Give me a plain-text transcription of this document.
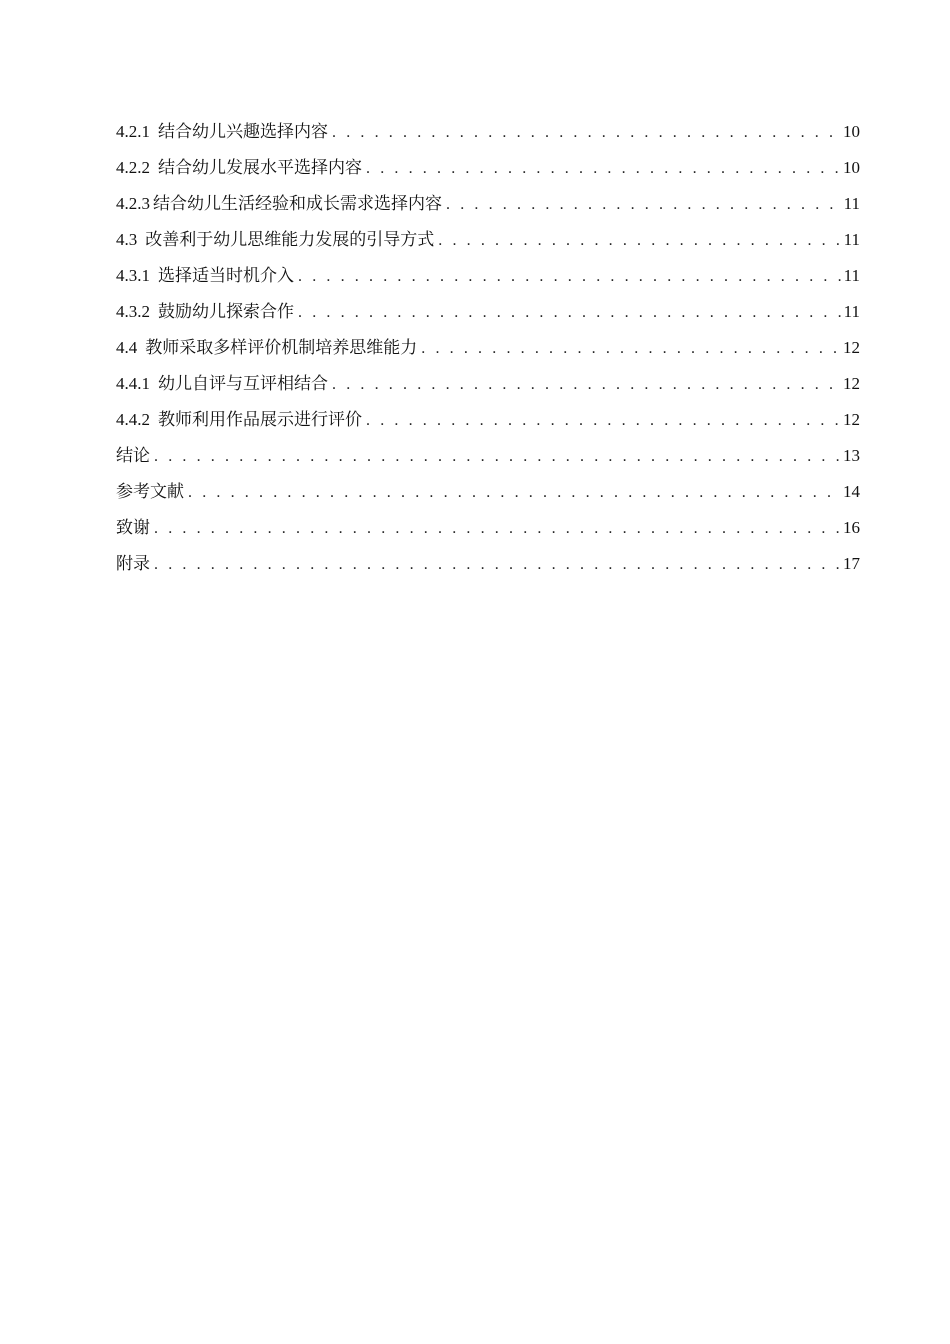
4.2.1 结合幼儿兴趣选择内容 . . .	10
4.2.2 结合幼儿发展水平选择内容 . . .	10
4.2.3 结合幼儿生活经验和成长需求选择内容 . . .	11
4.3 改善利于幼儿思维能力发展的引导方式 . . .	11
4.3.1 选择适当时机介入 . . .	11
4.3.2 鼓励幼儿探索合作 . . .	11
4.4 教师采取多样评价机制培养思维能力 . . .	12
4.4.1 幼儿自评与互评相结合 . . .	12
4.4.2 教师利用作品展示进行评价 . . .	12
结论 . . .	13
参考文献 . . .	14
致谢 . . .	16
附录 . . .	17
